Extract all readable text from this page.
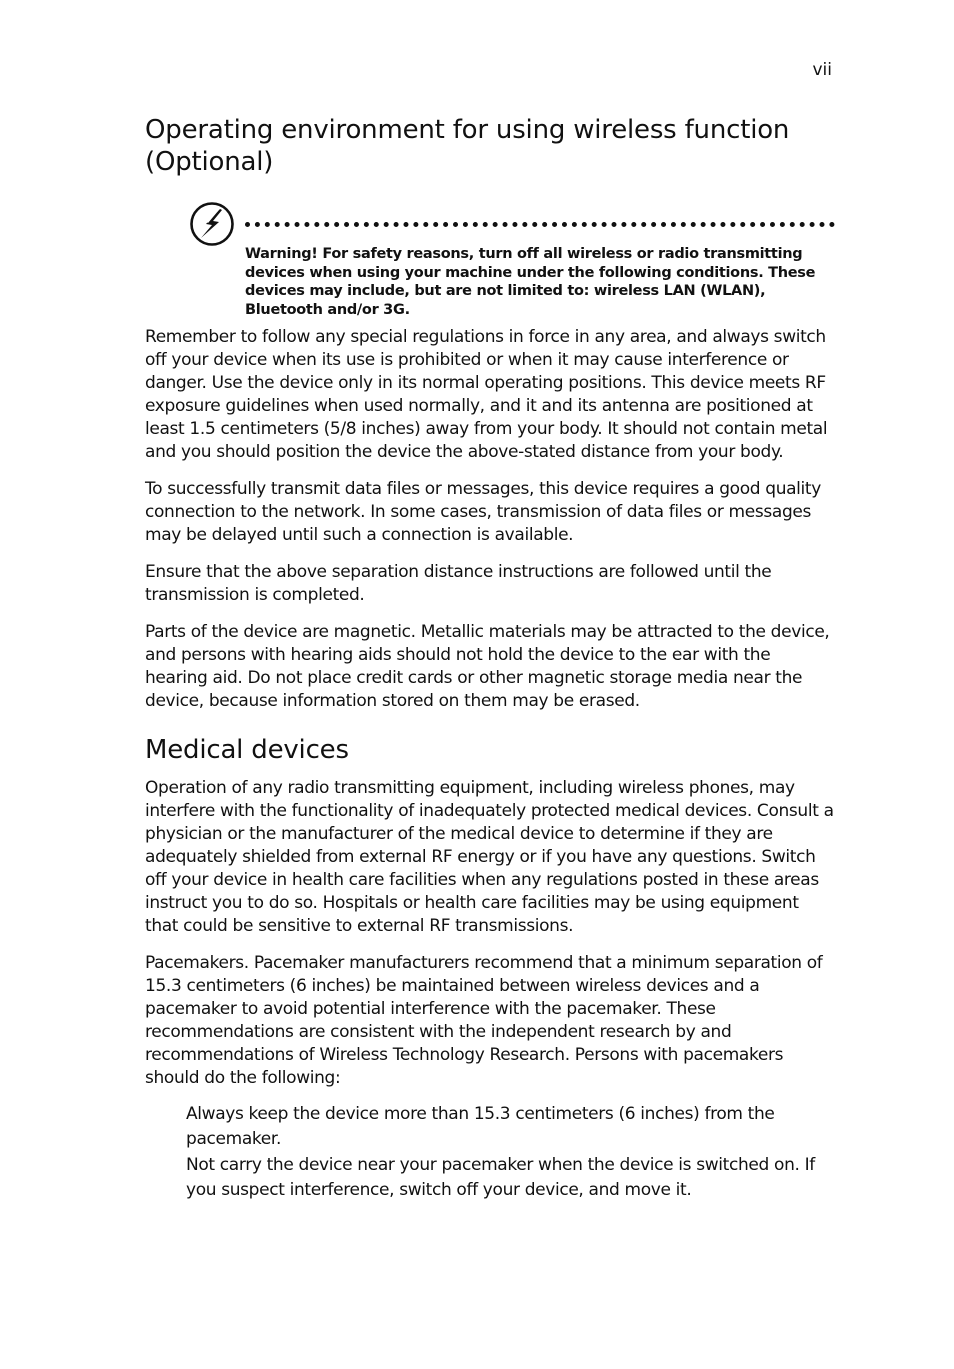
vii
Operating environment for using wireless function (Optional)
Warning! For safety reasons, turn off all wireless or radio transmitting devices when using your machine under the following conditions. These devices may include, but are not limited to: wireless LAN (WLAN), Bluetooth and/or 3G.

Remember to follow any special regulations in force in any area, and always switch off your device when its use is prohibited or when it may cause interference or danger. Use the device only in its normal operating positions. This device meets RF exposure guidelines when used normally, and it and its antenna are positioned at least 1.5 centimeters (5/8 inches) away from your body. It should not contain metal and you should position the device the above-stated distance from your body.

To successfully transmit data files or messages, this device requires a good quality connection to the network. In some cases, transmission of data files or messages may be delayed until such a connection is available.

Ensure that the above separation distance instructions are followed until the transmission is completed.

Parts of the device are magnetic. Metallic materials may be attracted to the device, and persons with hearing aids should not hold the device to the ear with the hearing aid. Do not place credit cards or other magnetic storage media near the device, because information stored on them may be erased.

Medical devices

Operation of any radio transmitting equipment, including wireless phones, may interfere with the functionality of inadequately protected medical devices. Consult a physician or the manufacturer of the medical device to determine if they are adequately shielded from external RF energy or if you have any questions. Switch off your device in health care facilities when any regulations posted in these areas instruct you to do so. Hospitals or health care facilities may be using equipment that could be sensitive to external RF transmissions.

Pacemakers. Pacemaker manufacturers recommend that a minimum separation of 15.3 centimeters (6 inches) be maintained between wireless devices and a pacemaker to avoid potential interference with the pacemaker. These recommendations are consistent with the independent research by and recommendations of Wireless Technology Research. Persons with pacemakers should do the following:

Always keep the device more than 15.3 centimeters (6 inches) from the pacemaker.
Not carry the device near your pacemaker when the device is switched on. If you suspect interference, switch off your device, and move it.
